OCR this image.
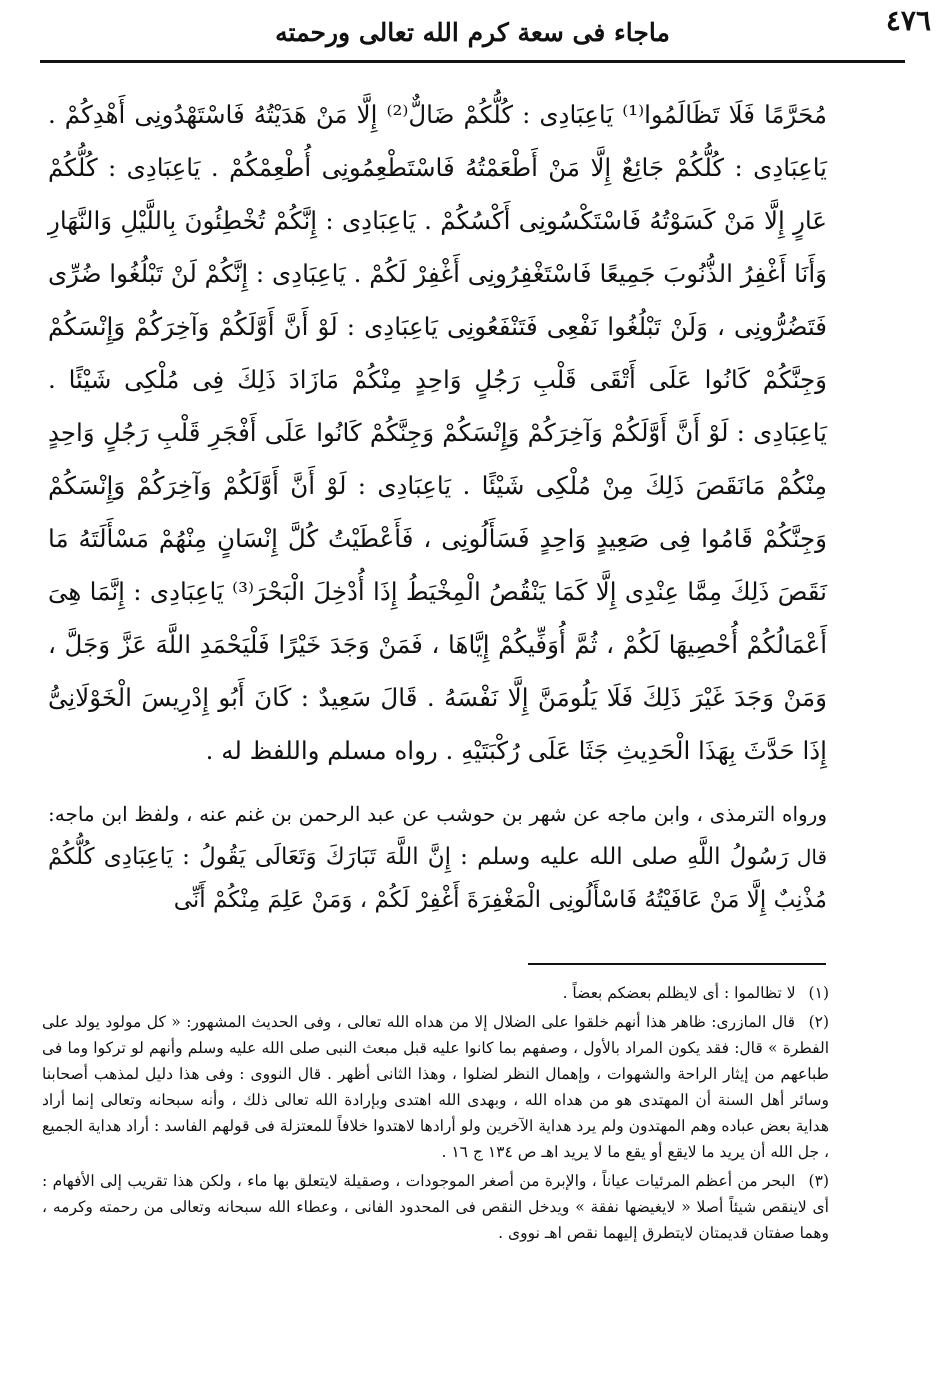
٤٧٦
ماجاء فى سعة كرم الله تعالى ورحمته

مُحَرَّمًا فَلَا تَظَالَمُوا⁽¹⁾ يَاعِبَادِى : كُلُّكُمْ ضَالٌّ⁽²⁾ إِلَّا مَنْ هَدَيْتُهُ فَاسْتَهْدُونِى أَهْدِكُمْ . يَاعِبَادِى : كُلُّكُمْ جَائِعٌ إِلَّا مَنْ أَطْعَمْتُهُ فَاسْتَطْعِمُونِى أُطْعِمْكُمْ . يَاعِبَادِى : كُلُّكُمْ عَارٍ إِلَّا مَنْ كَسَوْتُهُ فَاسْتَكْسُونِى أَكْسُكُمْ . يَاعِبَادِى : إِنَّكُمْ تُخْطِئُونَ بِاللَّيْلِ وَالنَّهَارِ وَأَنَا أَغْفِرُ الذُّنُوبَ جَمِيعًا فَاسْتَغْفِرُونِى أَغْفِرْ لَكُمْ . يَاعِبَادِى : إِنَّكُمْ لَنْ تَبْلُغُوا ضُرِّى فَتَضُرُّونِى ، وَلَنْ تَبْلُغُوا نَفْعِى فَتَنْفَعُونِى يَاعِبَادِى : لَوْ أَنَّ أَوَّلَكُمْ وَآخِرَكُمْ وَإِنْسَكُمْ وَجِنَّكُمْ كَانُوا عَلَى أَتْقَى قَلْبِ رَجُلٍ وَاحِدٍ مِنْكُمْ مَازَادَ ذَلِكَ فِى مُلْكِى شَيْئًا . يَاعِبَادِى : لَوْ أَنَّ أَوَّلَكُمْ وَآخِرَكُمْ وَإِنْسَكُمْ وَجِنَّكُمْ كَانُوا عَلَى أَفْجَرِ قَلْبِ رَجُلٍ وَاحِدٍ مِنْكُمْ مَانَقَصَ ذَلِكَ مِنْ مُلْكِى شَيْئًا . يَاعِبَادِى : لَوْ أَنَّ أَوَّلَكُمْ وَآخِرَكُمْ وَإِنْسَكُمْ وَجِنَّكُمْ قَامُوا فِى صَعِيدٍ وَاحِدٍ فَسَأَلُونِى ، فَأَعْطَيْتُ كُلَّ إِنْسَانٍ مِنْهُمْ مَسْأَلَتَهُ مَا نَقَصَ ذَلِكَ مِمَّا عِنْدِى إِلَّا كَمَا يَنْقُصُ الْمِخْيَطُ إِذَا أُدْخِلَ الْبَحْرَ⁽³⁾ يَاعِبَادِى : إِنَّمَا هِىَ أَعْمَالُكُمْ أُحْصِيهَا لَكُمْ ، ثُمَّ أُوَفِّيكُمْ إِيَّاهَا ، فَمَنْ وَجَدَ خَيْرًا فَلْيَحْمَدِ اللَّهَ عَزَّ وَجَلَّ ، وَمَنْ وَجَدَ غَيْرَ ذَلِكَ فَلَا يَلُومَنَّ إِلَّا نَفْسَهُ . قَالَ سَعِيدٌ : كَانَ أَبُو إِدْرِيسَ الْخَوْلَانِىُّ إِذَا حَدَّثَ بِهَذَا الْحَدِيثِ جَثَا عَلَى رُكْبَتَيْهِ . رواه مسلم واللفظ له .

ورواه الترمذى ، وابن ماجه عن شهر بن حوشب عن عبد الرحمن بن غنم عنه ، ولفظ ابن ماجه: قال رَسُولُ اللَّهِ صلى الله عليه وسلم : إِنَّ اللَّهَ تَبَارَكَ وَتَعَالَى يَقُولُ : يَاعِبَادِى كُلُّكُمْ مُذْنِبٌ إِلَّا مَنْ عَافَيْتُهُ فَاسْأَلُونِى الْمَغْفِرَةَ أَغْفِرْ لَكُمْ ، وَمَنْ عَلِمَ مِنْكُمْ أَنِّى

(١) لا تظالموا : أى لايظلم بعضكم بعضاً .

(٢) قال المازرى: ظاهر هذا أنهم خلقوا على الضلال إلا من هداه الله تعالى ، وفى الحديث المشهور: « كل مولود يولد على الفطرة » قال: فقد يكون المراد بالأول ، وصفهم بما كانوا عليه قبل مبعث النبى صلى الله عليه وسلم وأنهم لو تركوا وما فى طباعهم من إيثار الراحة والشهوات ، وإهمال النظر لضلوا ، وهذا الثانى أظهر . قال النووى : وفى هذا دليل لمذهب أصحابنا وسائر أهل السنة أن المهتدى هو من هداه الله ، وبهدى الله اهتدى وبإرادة الله تعالى ذلك ، وأنه سبحانه وتعالى إنما أراد هداية بعض عباده وهم المهتدون ولم يرد هداية الآخرين ولو أرادها لاهتدوا خلافاً للمعتزلة فى قولهم الفاسد : أراد هداية الجميع ، جل الله أن يريد ما لايقع أو يقع ما لا يريد اهـ ص ١٣٤ ج ١٦ .

(٣) البحر من أعظم المرئيات عياناً ، والإبرة من أصغر الموجودات ، وصقيلة لايتعلق بها ماء ، ولكن هذا تقريب إلى الأفهام : أى لاينقص شيئاً أصلا « لايغيضها نفقة » ويدخل النقص فى المحدود الفانى ، وعطاء الله سبحانه وتعالى من رحمته وكرمه ، وهما صفتان قديمتان لايتطرق إليهما نقص اهـ نووى .
